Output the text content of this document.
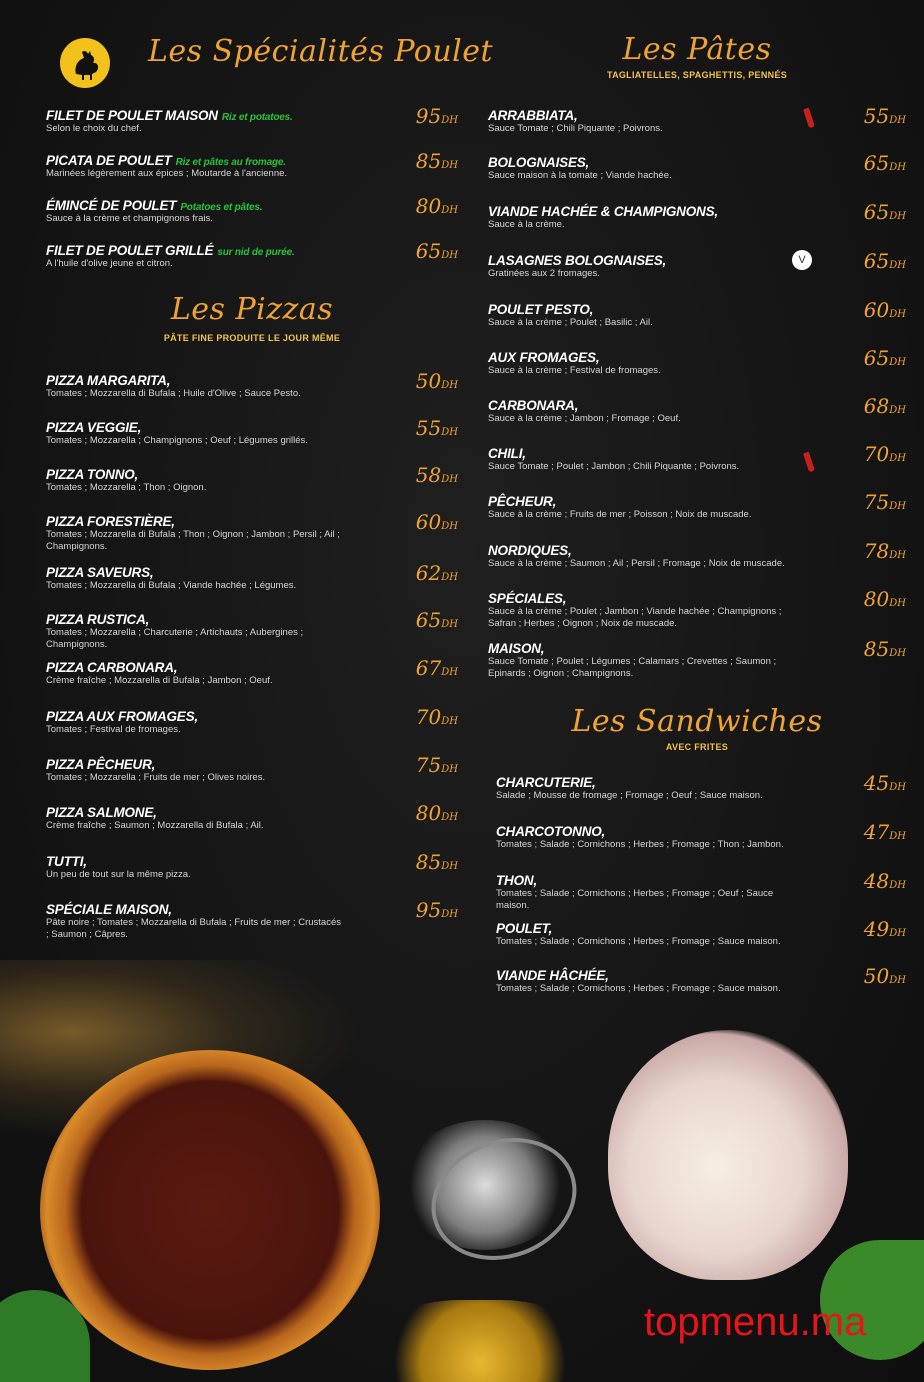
Les Spécialités Poulet
FILET DE POULET MAISON Riz et potatoes.
Selon le choix du chef.
95DH
PICATA DE POULET Riz et pâtes au fromage.
Marinées légèrement aux épices ; Moutarde à l'ancienne.
85DH
ÉMINCÉ DE POULET Potatoes et pâtes.
Sauce à la crème et champignons frais.
80DH
FILET DE POULET GRILLÉ sur nid de purée.
A l'huile d'olive jeune et citron.
65DH
Les Pizzas
PÂTE FINE PRODUITE LE JOUR MÊME
PIZZA MARGARITA,
Tomates ; Mozzarella di Bufala ; Huile d'Olive ; Sauce Pesto.
50DH
PIZZA VEGGIE,
Tomates ; Mozzarella ; Champignons ; Oeuf ; Légumes grillés.
55DH
PIZZA TONNO,
Tomates ; Mozzarella ; Thon ; Oignon.
58DH
PIZZA FORESTIÈRE,
Tomates ; Mozzarella di Bufala ; Thon ; Oignon ; Jambon ; Persil ; Ail ; Champignons.
60DH
PIZZA SAVEURS,
Tomates ; Mozzarella di Bufala ; Viande hachée ; Légumes.
62DH
PIZZA RUSTICA,
Tomates ; Mozzarella ; Charcuterie ; Artichauts ; Aubergines ; Champignons.
65DH
PIZZA CARBONARA,
Crème fraîche ; Mozzarella di Bufala ; Jambon ; Oeuf.
67DH
PIZZA AUX FROMAGES,
Tomates ; Festival de fromages.
70DH
PIZZA PÊCHEUR,
Tomates ; Mozzarella ; Fruits de mer ; Olives noires.
75DH
PIZZA SALMONE,
Crème fraîche ; Saumon ; Mozzarella di Bufala ; Ail.
80DH
TUTTI,
Un peu de tout sur la même pizza.
85DH
SPÉCIALE MAISON,
Pâte noire ; Tomates ; Mozzarella di Bufala ; Fruits de mer ; Crustacés ; Saumon ; Câpres.
95DH
Les Pâtes
TAGLIATELLES, SPAGHETTIS, PENNÉS
ARRABBIATA,
Sauce Tomate ; Chili Piquante ; Poivrons.
55DH
BOLOGNAISES,
Sauce maison à la tomate ; Viande hachée.
65DH
VIANDE HACHÉE & CHAMPIGNONS,
Sauce à la crème.
65DH
LASAGNES BOLOGNAISES,
Gratinées aux 2 fromages.
65DH
POULET PESTO,
Sauce à la crème ; Poulet ; Basilic ; Ail.
60DH
AUX FROMAGES,
Sauce à la crème ; Festival de fromages.
65DH
CARBONARA,
Sauce à la crème ; Jambon ; Fromage ; Oeuf.
68DH
CHILI,
Sauce Tomate ; Poulet ; Jambon ; Chili Piquante ; Poivrons.
70DH
PÊCHEUR,
Sauce à la crème ; Fruits de mer ; Poisson ; Noix de muscade.
75DH
NORDIQUES,
Sauce à la crème ; Saumon ; Ail ; Persil ; Fromage ; Noix de muscade.
78DH
SPÉCIALES,
Sauce à la crème ; Poulet ; Jambon ; Viande hachée ; Champignons ; Safran ; Herbes ; Oignon ; Noix de muscade.
80DH
MAISON,
Sauce Tomate ; Poulet ; Légumes ; Calamars ; Crevettes ; Saumon ; Epinards ; Oignon ; Champignons.
85DH
Les Sandwiches
AVEC FRITES
CHARCUTERIE,
Salade ; Mousse de fromage ; Fromage ; Oeuf ; Sauce maison.
45DH
CHARCOTONNO,
Tomates ; Salade ; Cornichons ; Herbes ; Fromage ; Thon ; Jambon.
47DH
THON,
Tomates ; Salade ; Cornichons ; Herbes ; Fromage ; Oeuf ; Sauce maison.
48DH
POULET,
Tomates ; Salade ; Cornichons ; Herbes ; Fromage ; Sauce maison.
49DH
VIANDE HÂCHÉE,
Tomates ; Salade ; Cornichons ; Herbes ; Fromage ; Sauce maison.
50DH
V
topmenu.ma
